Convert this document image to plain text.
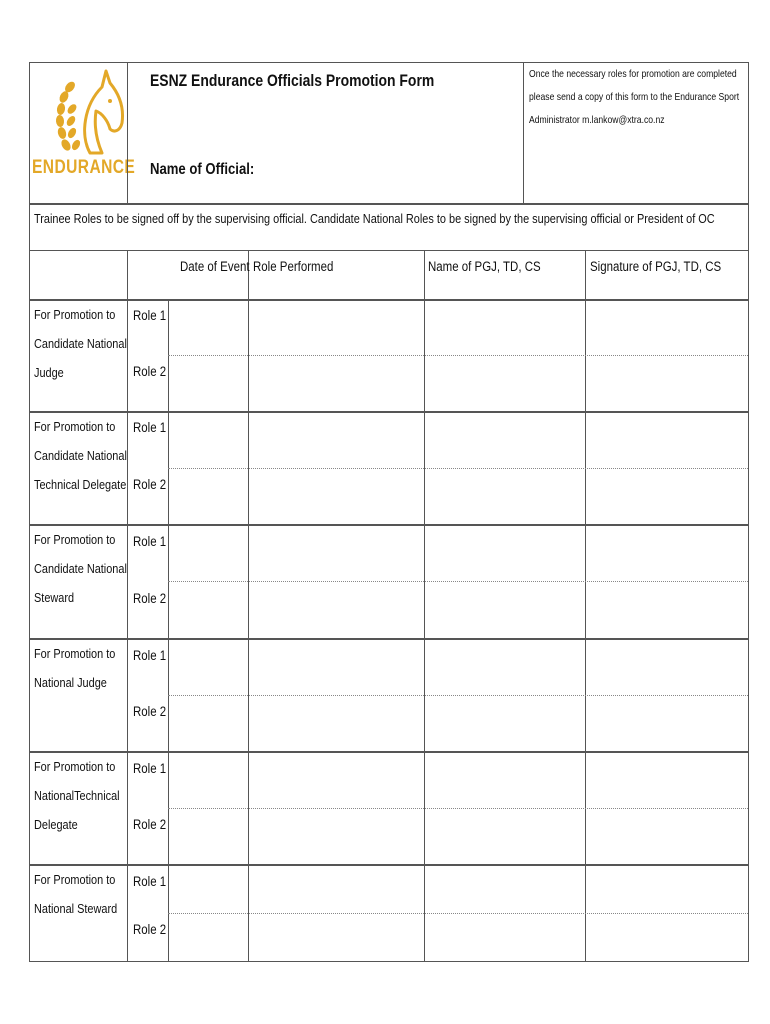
ENDURANCE
ESNZ Endurance Officials Promotion Form
Name of Official:
Once the necessary roles for promotion are completed
please send a copy of this form to the Endurance Sport
Administrator m.lankow@xtra.co.nz
Trainee Roles to be signed off by the supervising official. Candidate National Roles to be signed by the supervising official or President of OC
Date of Event Role Performed	Name of PGJ, TD, CS	Signature of PGJ, TD, CS
For Promotion to
Candidate National
Judge
Role 1
Role 2
For Promotion to
Candidate National
Technical Delegate
Role 1
Role 2
For Promotion to
Candidate National
Steward
Role 1
Role 2
For Promotion to
National Judge
Role 1
Role 2
For Promotion to
NationalTechnical
Delegate
Role 1
Role 2
For Promotion to
National Steward
Role 1
Role 2
